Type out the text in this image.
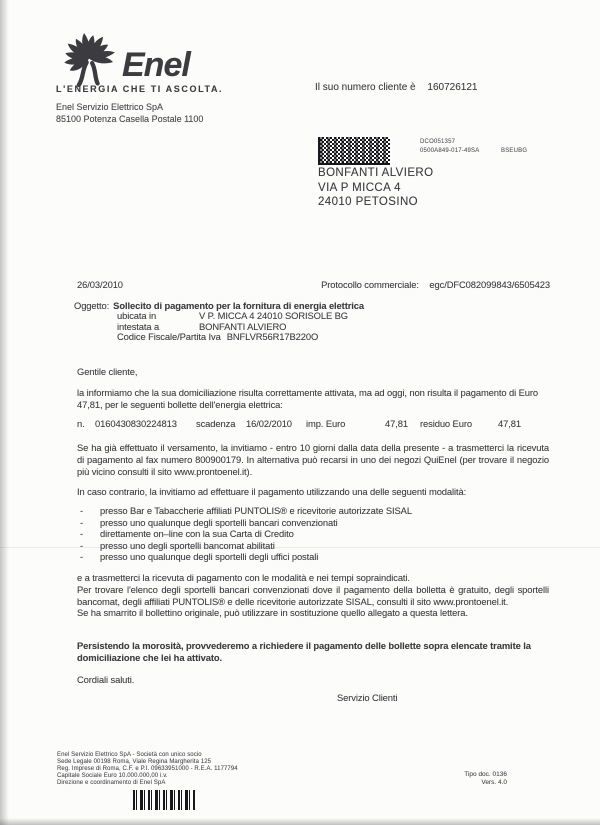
Enel
L'ENERGIA CHE TI ASCOLTA.
Enel Servizio Elettrico SpA
85100 Potenza Casella Postale 1100
Il suo numero cliente è 160726121
DCO051357
0500A849-017-49SA	BSEUBG
BONFANTI ALVIERO
VIA P MICCA 4
24010 PETOSINO
26/03/2010	Protocollo commerciale: egc/DFC082099843/6505423
Oggetto: Sollecito di pagamento per la fornitura di energia elettrica
ubicata in	V P. MICCA 4 24010 SORISOLE BG
intestata a	BONFANTI ALVIERO
Codice Fiscale/Partita Iva BNFLVR56R17B220O
Gentile cliente,
la informiamo che la sua domiciliazione risulta correttamente attivata, ma ad oggi, non risulta il pagamento di Euro 47,81, per le seguenti bollette dell'energia elettrica:
n.	0160430830224813	scadenza	16/02/2010	imp. Euro	47,81 residuo Euro	47,81
Se ha già effettuato il versamento, la invitiamo - entro 10 giorni dalla data della presente - a trasmetterci la ricevuta di pagamento al fax numero 800900179. In alternativa può recarsi in uno dei negozi QuiEnel (per trovare il negozio più vicino consulti il sito www.prontoenel.it).
In caso contrario, la invitiamo ad effettuare il pagamento utilizzando una delle seguenti modalità:
-	presso Bar e Tabaccherie affiliati PUNTOLIS® e ricevitorie autorizzate SISAL
-	presso uno qualunque degli sportelli bancari convenzionati
-	direttamente on–line con la sua Carta di Credito
-	presso uno degli sportelli bancomat abilitati
-	presso uno qualunque degli sportelli degli uffici postali
e a trasmetterci la ricevuta di pagamento con le modalità e nei tempi sopraindicati.
Per trovare l'elenco degli sportelli bancari convenzionati dove il pagamento della bolletta è gratuito, degli sportelli bancomat, degli affiliati PUNTOLIS® e delle ricevitorie autorizzate SISAL, consulti il sito www.prontoenel.it.
Se ha smarrito il bollettino originale, può utilizzare in sostituzione quello allegato a questa lettera.
Persistendo la morosità, provvederemo a richiedere il pagamento delle bollette sopra elencate tramite la domiciliazione che lei ha attivato.
Cordiali saluti.
Servizio Clienti
Enel Servizio Elettrico SpA - Società con unico socio
Sede Legale 00198 Roma, Viale Regina Margherita 125
Reg. Imprese di Roma, C.F. e P.I. 09633951000 - R.E.A. 1177794
Capitale Sociale Euro 10.000.000,00 i.v.
Direzione e coordinamento di Enel SpA
Tipo doc. 0136
Vers. 4.0
